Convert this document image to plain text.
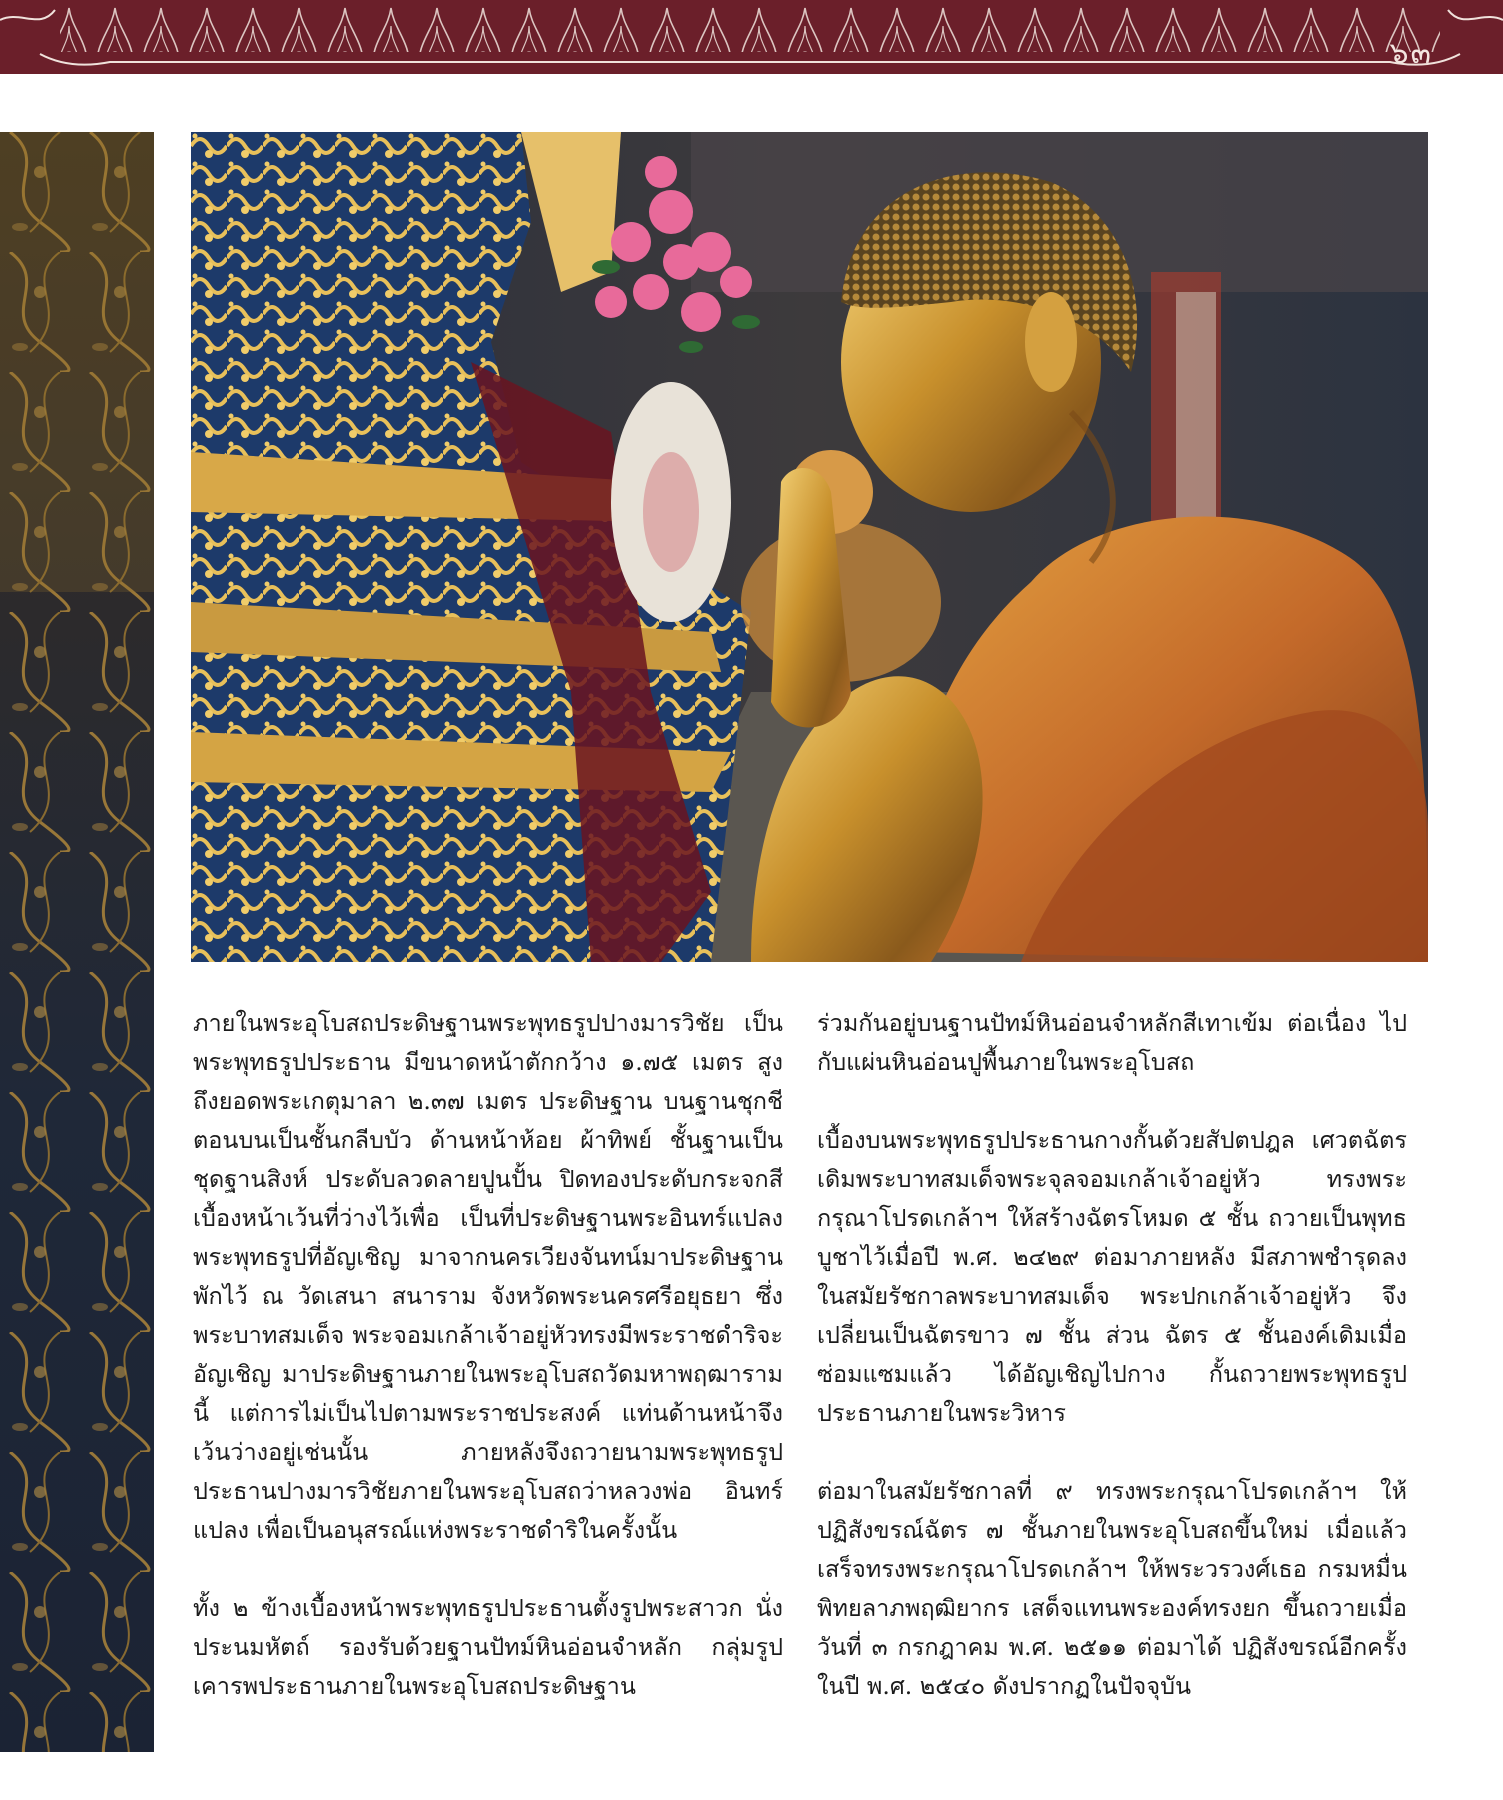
๖๓

ภายในพระอุโบสถประดิษฐานพระพุทธรูปปางมารวิชัย เป็นพระพุทธรูปประธาน มีขนาดหน้าตักกว้าง ๑.๗๕ เมตร สูงถึงยอดพระเกตุมาลา ๒.๓๗ เมตร ประดิษฐาน บนฐานชุกชี ตอนบนเป็นชั้นกลีบบัว ด้านหน้าห้อย ผ้าทิพย์ ชั้นฐานเป็นชุดฐานสิงห์ ประดับลวดลายปูนปั้น ปิดทองประดับกระจกสี เบื้องหน้าเว้นที่ว่างไว้เพื่อ เป็นที่ประดิษฐานพระอินทร์แปลง พระพุทธรูปที่อัญเชิญ มาจากนครเวียงจันทน์มาประดิษฐานพักไว้ ณ วัดเสนา สนาราม จังหวัดพระนครศรีอยุธยา ซึ่งพระบาทสมเด็จ พระจอมเกล้าเจ้าอยู่หัวทรงมีพระราชดำริจะอัญเชิญ มาประดิษฐานภายในพระอุโบสถวัดมหาพฤฒารามนี้ แต่การไม่เป็นไปตามพระราชประสงค์ แท่นด้านหน้าจึง เว้นว่างอยู่เช่นนั้น ภายหลังจึงถวายนามพระพุทธรูป ประธานปางมารวิชัยภายในพระอุโบสถว่าหลวงพ่อ อินทร์แปลง เพื่อเป็นอนุสรณ์แห่งพระราชดำริในครั้งนั้น

ทั้ง ๒ ข้างเบื้องหน้าพระพุทธรูปประธานตั้งรูปพระสาวก นั่งประนมหัตถ์ รองรับด้วยฐานปัทม์หินอ่อนจำหลัก กลุ่มรูปเคารพประธานภายในพระอุโบสถประดิษฐาน

ร่วมกันอยู่บนฐานปัทม์หินอ่อนจำหลักสีเทาเข้ม ต่อเนื่อง ไปกับแผ่นหินอ่อนปูพื้นภายในพระอุโบสถ

เบื้องบนพระพุทธรูปประธานกางกั้นด้วยสัปตปฎล เศวตฉัตร เดิมพระบาทสมเด็จพระจุลจอมเกล้าเจ้าอยู่หัว ทรงพระกรุณาโปรดเกล้าฯ ให้สร้างฉัตรโหมด ๕ ชั้น ถวายเป็นพุทธบูชาไว้เมื่อปี พ.ศ. ๒๔๒๙ ต่อมาภายหลัง มีสภาพชำรุดลง ในสมัยรัชกาลพระบาทสมเด็จ พระปกเกล้าเจ้าอยู่หัว จึงเปลี่ยนเป็นฉัตรขาว ๗ ชั้น ส่วน ฉัตร ๕ ชั้นองค์เดิมเมื่อซ่อมแซมแล้ว ได้อัญเชิญไปกาง กั้นถวายพระพุทธรูปประธานภายในพระวิหาร

ต่อมาในสมัยรัชกาลที่ ๙ ทรงพระกรุณาโปรดเกล้าฯ ให้ ปฏิสังขรณ์ฉัตร ๗ ชั้นภายในพระอุโบสถขึ้นใหม่ เมื่อแล้ว เสร็จทรงพระกรุณาโปรดเกล้าฯ ให้พระวรวงศ์เธอ กรมหมื่นพิทยลาภพฤฒิยากร เสด็จแทนพระองค์ทรงยก ขึ้นถวายเมื่อวันที่ ๓ กรกฎาคม พ.ศ. ๒๕๑๑ ต่อมาได้ ปฏิสังขรณ์อีกครั้งในปี พ.ศ. ๒๕๔๐ ดังปรากฏในปัจจุบัน
